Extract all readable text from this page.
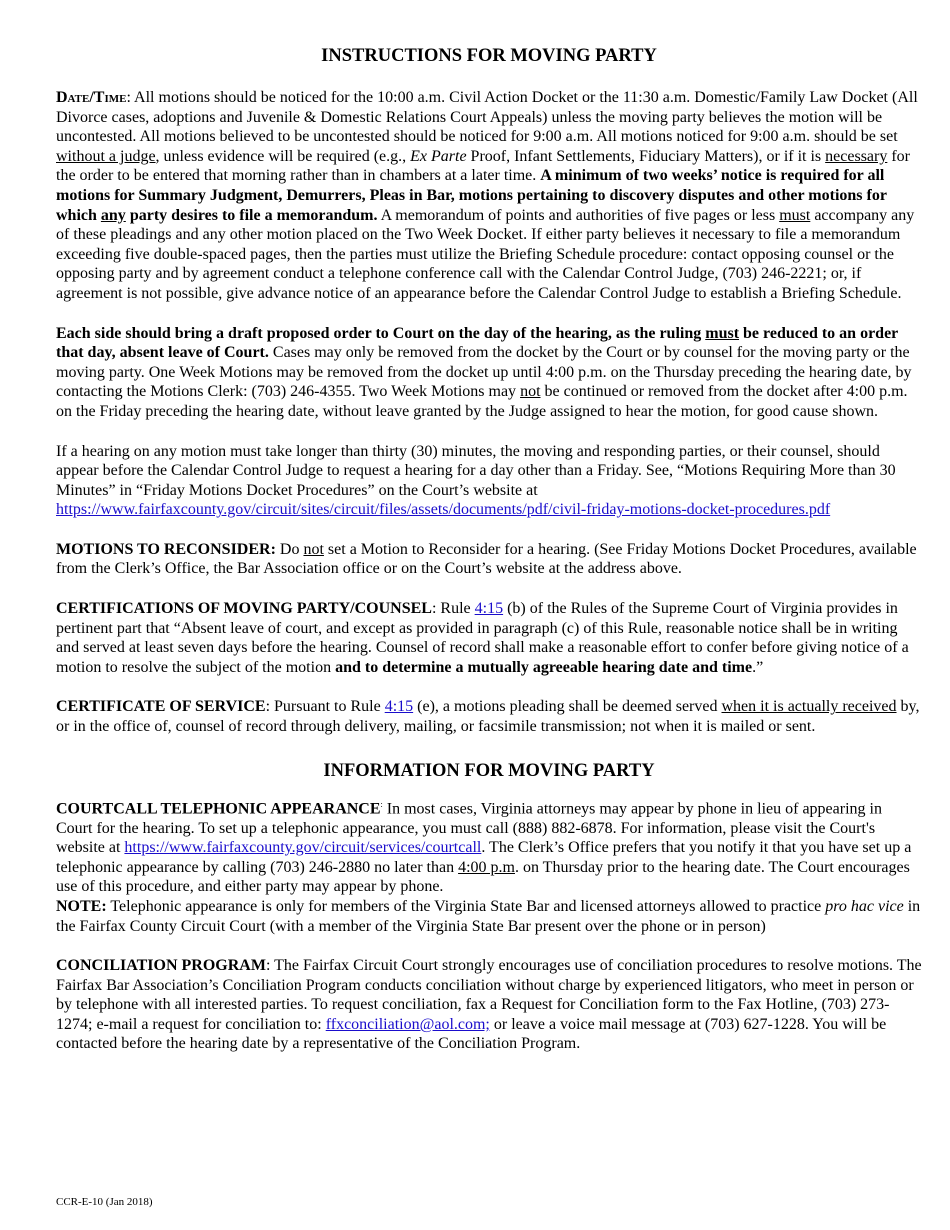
INSTRUCTIONS FOR MOVING PARTY

Date/Time: All motions should be noticed for the 10:00 a.m. Civil Action Docket or the 11:30 a.m. Domestic/Family Law Docket (All Divorce cases, adoptions and Juvenile & Domestic Relations Court Appeals) unless the moving party believes the motion will be uncontested. All motions believed to be uncontested should be noticed for 9:00 a.m. All motions noticed for 9:00 a.m. should be set without a judge, unless evidence will be required (e.g., Ex Parte Proof, Infant Settlements, Fiduciary Matters), or if it is necessary for the order to be entered that morning rather than in chambers at a later time. A minimum of two weeks’ notice is required for all motions for Summary Judgment, Demurrers, Pleas in Bar, motions pertaining to discovery disputes and other motions for which any party desires to file a memorandum. A memorandum of points and authorities of five pages or less must accompany any of these pleadings and any other motion placed on the Two Week Docket. If either party believes it necessary to file a memorandum exceeding five double-spaced pages, then the parties must utilize the Briefing Schedule procedure: contact opposing counsel or the opposing party and by agreement conduct a telephone conference call with the Calendar Control Judge, (703) 246-2221; or, if agreement is not possible, give advance notice of an appearance before the Calendar Control Judge to establish a Briefing Schedule.

Each side should bring a draft proposed order to Court on the day of the hearing, as the ruling must be reduced to an order that day, absent leave of Court. Cases may only be removed from the docket by the Court or by counsel for the moving party or the moving party. One Week Motions may be removed from the docket up until 4:00 p.m. on the Thursday preceding the hearing date, by contacting the Motions Clerk: (703) 246-4355. Two Week Motions may not be continued or removed from the docket after 4:00 p.m. on the Friday preceding the hearing date, without leave granted by the Judge assigned to hear the motion, for good cause shown.

If a hearing on any motion must take longer than thirty (30) minutes, the moving and responding parties, or their counsel, should appear before the Calendar Control Judge to request a hearing for a day other than a Friday. See, “Motions Requiring More than 30 Minutes” in “Friday Motions Docket Procedures” on the Court’s website at https://www.fairfaxcounty.gov/circuit/sites/circuit/files/assets/documents/pdf/civil-friday-motions-docket-procedures.pdf

MOTIONS TO RECONSIDER: Do not set a Motion to Reconsider for a hearing. (See Friday Motions Docket Procedures, available from the Clerk’s Office, the Bar Association office or on the Court’s website at the address above.

CERTIFICATIONS OF MOVING PARTY/COUNSEL: Rule 4:15 (b) of the Rules of the Supreme Court of Virginia provides in pertinent part that “Absent leave of court, and except as provided in paragraph (c) of this Rule, reasonable notice shall be in writing and served at least seven days before the hearing. Counsel of record shall make a reasonable effort to confer before giving notice of a motion to resolve the subject of the motion and to determine a mutually agreeable hearing date and time.”

CERTIFICATE OF SERVICE: Pursuant to Rule 4:15 (e), a motions pleading shall be deemed served when it is actually received by, or in the office of, counsel of record through delivery, mailing, or facsimile transmission; not when it is mailed or sent.

INFORMATION FOR MOVING PARTY

COURTCALL TELEPHONIC APPEARANCE: In most cases, Virginia attorneys may appear by phone in lieu of appearing in Court for the hearing. To set up a telephonic appearance, you must call (888) 882-6878. For information, please visit the Court's website at https://www.fairfaxcounty.gov/circuit/services/courtcall. The Clerk’s Office prefers that you notify it that you have set up a telephonic appearance by calling (703) 246-2880 no later than 4:00 p.m. on Thursday prior to the hearing date. The Court encourages use of this procedure, and either party may appear by phone.

NOTE: Telephonic appearance is only for members of the Virginia State Bar and licensed attorneys allowed to practice pro hac vice in the Fairfax County Circuit Court (with a member of the Virginia State Bar present over the phone or in person)

CONCILIATION PROGRAM: The Fairfax Circuit Court strongly encourages use of conciliation procedures to resolve motions. The Fairfax Bar Association’s Conciliation Program conducts conciliation without charge by experienced litigators, who meet in person or by telephone with all interested parties. To request conciliation, fax a Request for Conciliation form to the Fax Hotline, (703) 273-1274; e-mail a request for conciliation to: ffxconciliation@aol.com; or leave a voice mail message at (703) 627-1228. You will be contacted before the hearing date by a representative of the Conciliation Program.

CCR-E-10 (Jan 2018)
